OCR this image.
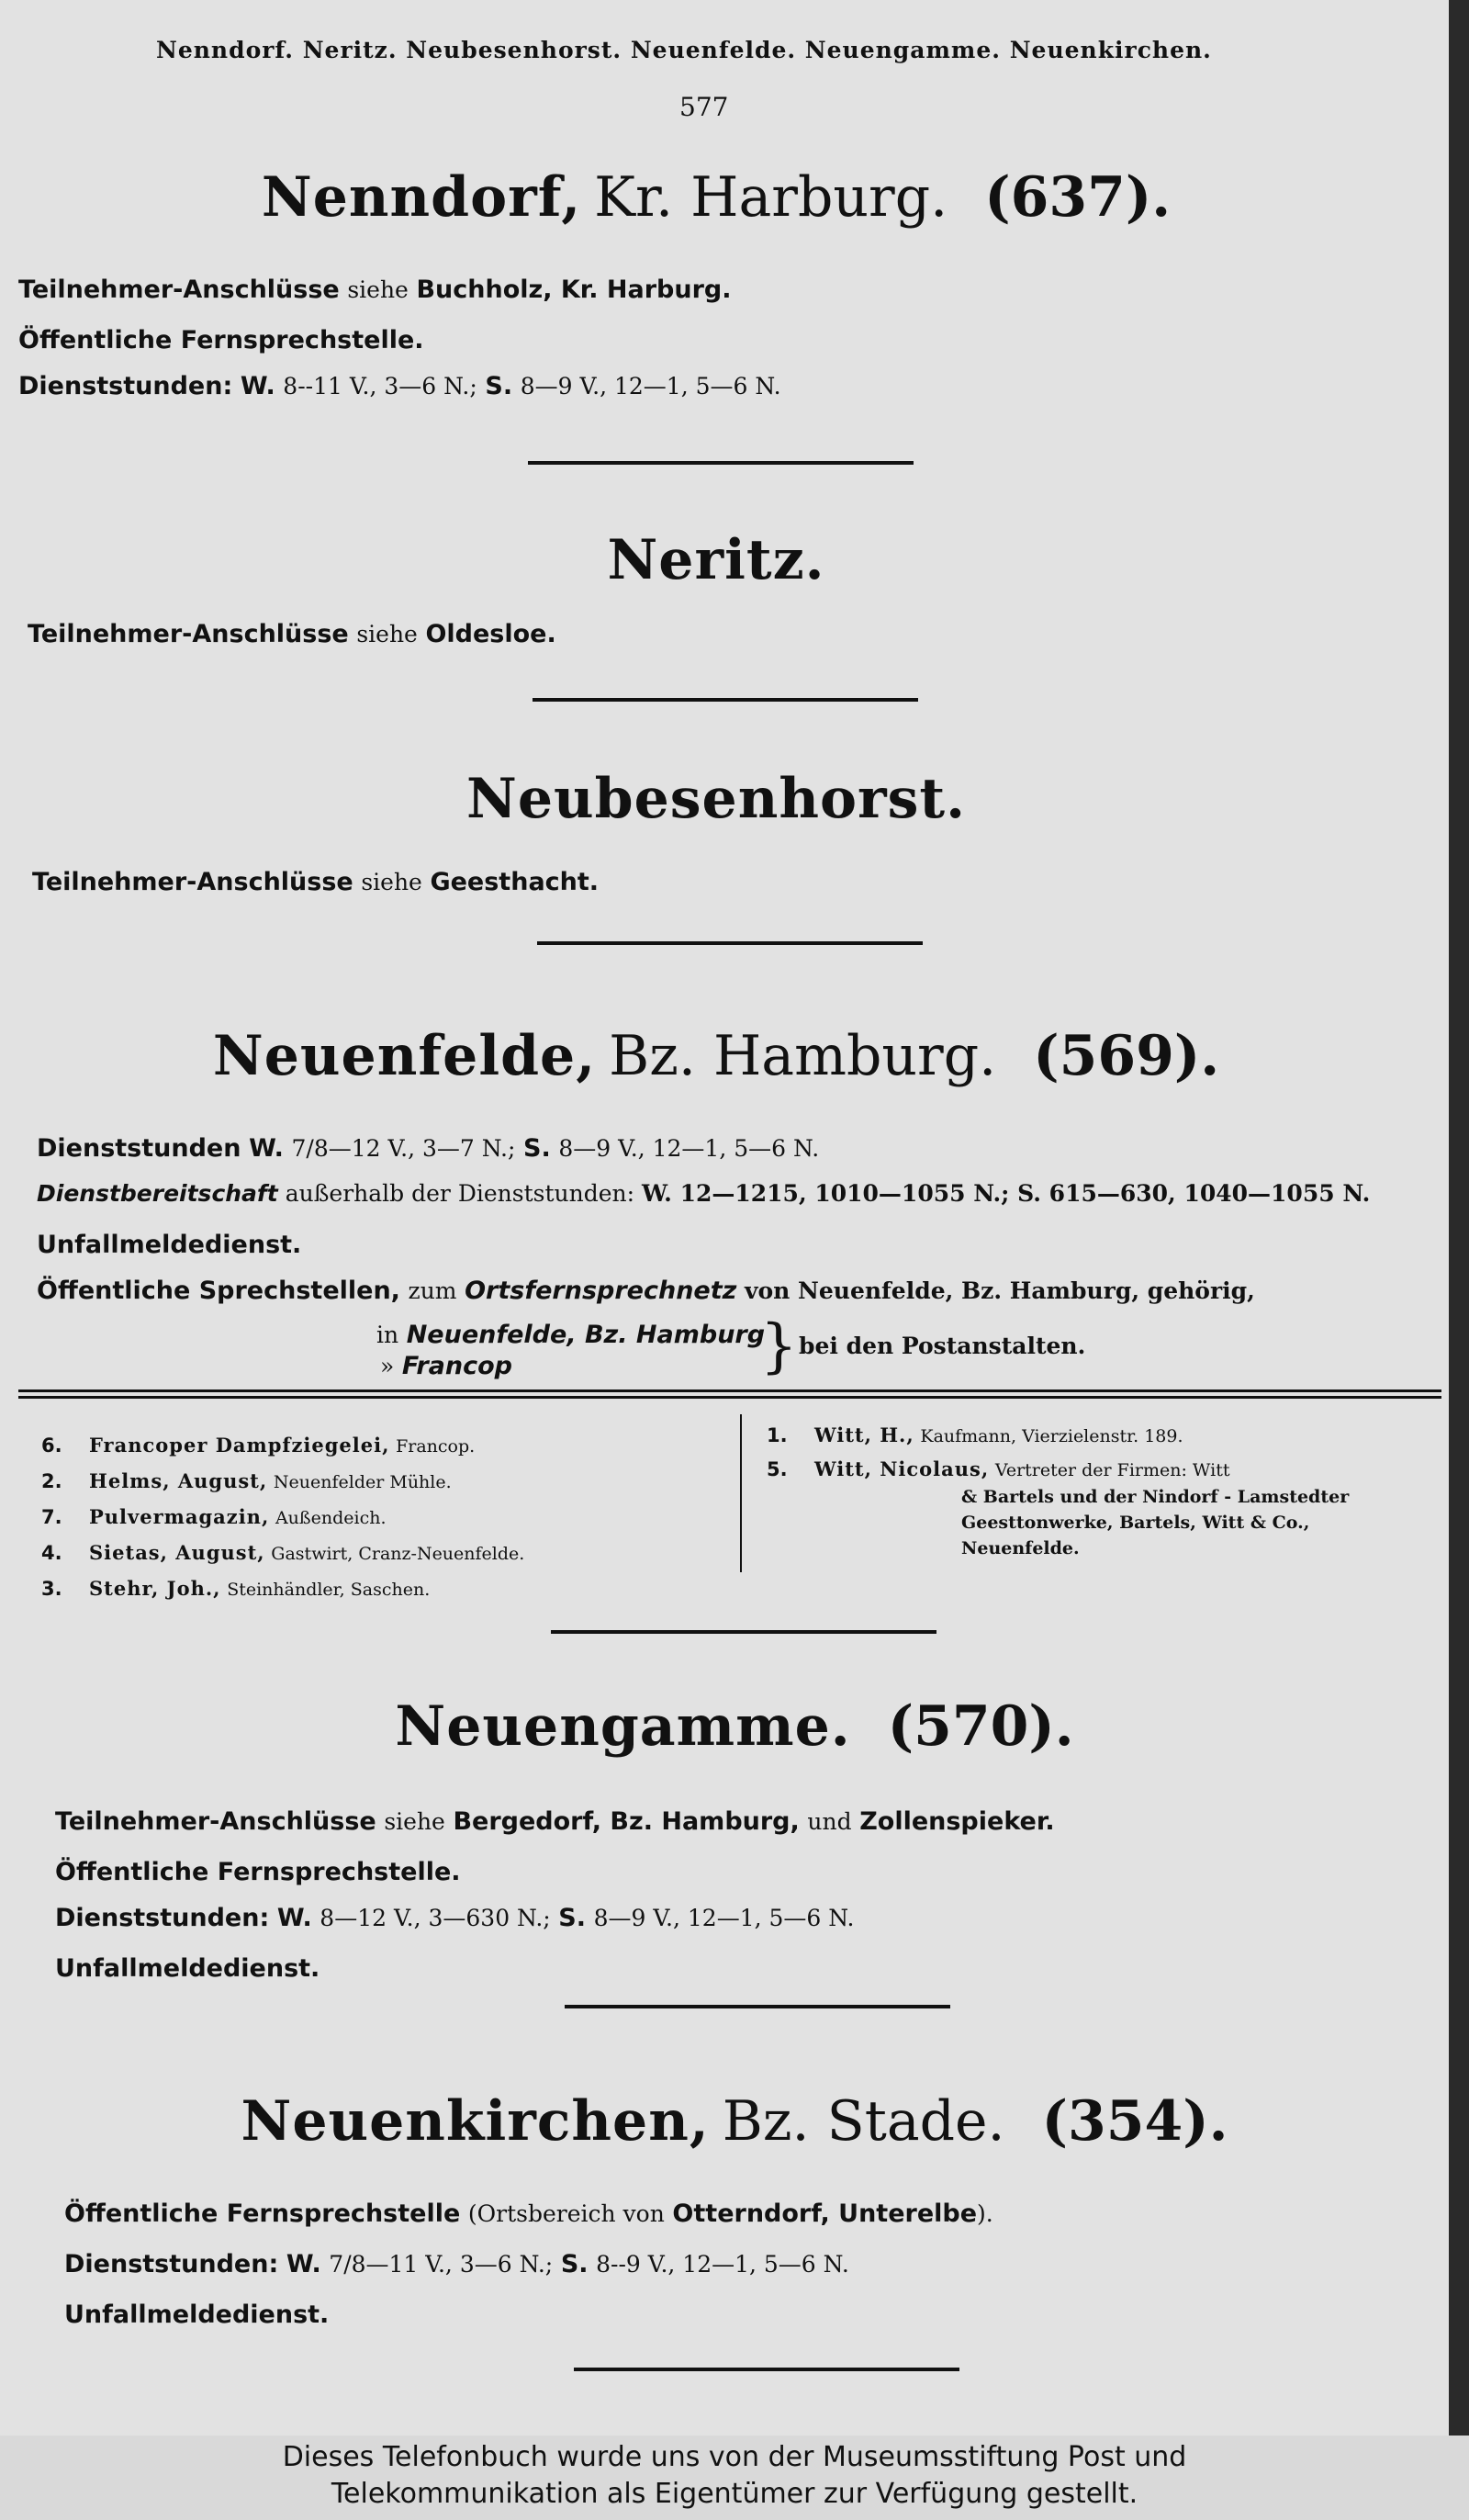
Nenndorf. Neritz. Neubesenhorst. Neuenfelde. Neuengamme. Neuenkirchen.
577
Nenndorf, Kr. Harburg. (637).
Teilnehmer-Anschlüsse siehe Buchholz, Kr. Harburg.
Öffentliche Fernsprechstelle.
Dienststunden: W. 8--11 V., 3—6 N.; S. 8—9 V., 12—1, 5—6 N.
Neritz.
Teilnehmer-Anschlüsse siehe Oldesloe.
Neubesenhorst.
Teilnehmer-Anschlüsse siehe Geesthacht.
Neuenfelde, Bz. Hamburg. (569).
Dienststunden W. 7/8—12 V., 3—7 N.; S. 8—9 V., 12—1, 5—6 N.
Dienstbereitschaft außerhalb der Dienststunden: W. 12—1215, 1010—1055 N.; S. 615—630, 1040—1055 N.
Unfallmeldedienst.
Öffentliche Sprechstellen, zum Ortsfernsprechnetz von Neuenfelde, Bz. Hamburg, gehörig,
in Neuenfelde, Bz. Hamburg
» Francop	} bei den Postanstalten.
6. Francoper Dampfziegelei, Francop.
2. Helms, August, Neuenfelder Mühle.
7. Pulvermagazin, Außendeich.
4. Sietas, August, Gastwirt, Cranz-Neuenfelde.
3. Stehr, Joh., Steinhändler, Saschen.
1. Witt, H., Kaufmann, Vierzielenstr. 189.
5. Witt, Nicolaus, Vertreter der Firmen: Witt
& Bartels und der Nindorf - Lamstedter
Geesttonwerke, Bartels, Witt & Co.,
Neuenfelde.
Neuengamme. (570).
Teilnehmer-Anschlüsse siehe Bergedorf, Bz. Hamburg, und Zollenspieker.
Öffentliche Fernsprechstelle.
Dienststunden: W. 8—12 V., 3—630 N.; S. 8—9 V., 12—1, 5—6 N.
Unfallmeldedienst.
Neuenkirchen, Bz. Stade. (354).
Öffentliche Fernsprechstelle (Ortsbereich von Otterndorf, Unterelbe).
Dienststunden: W. 7/8—11 V., 3—6 N.; S. 8--9 V., 12—1, 5—6 N.
Unfallmeldedienst.
Dieses Telefonbuch wurde uns von der Museumsstiftung Post und
Telekommunikation als Eigentümer zur Verfügung gestellt.
